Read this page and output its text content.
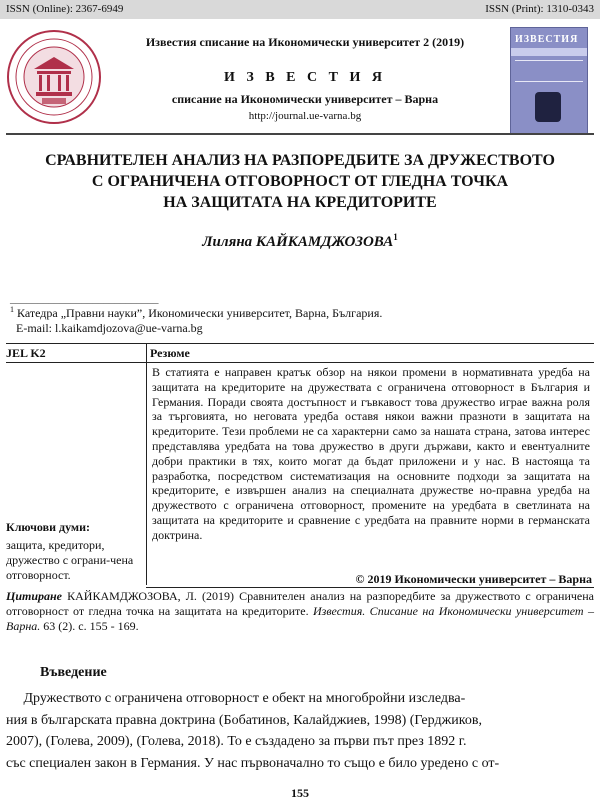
ISSN (Online): 2367-6949	ISSN (Print): 1310-0343
Известия списание на Икономически университет 2 (2019)
И З В Е С Т И Я
списание на Икономически университет – Варна
http://journal.ue-varna.bg
ИЗВЕСТИЯ
СРАВНИТЕЛЕН АНАЛИЗ НА РАЗПОРЕДБИТЕ ЗА ДРУЖЕСТВОТО
С ОГРАНИЧЕНА ОТГОВОРНОСТ ОТ ГЛЕДНА ТОЧКА
НА ЗАЩИТАТА НА КРЕДИТОРИТЕ
Лиляна КАЙКАМДЖОЗОВА$^1$
___________________________
$^1$ Катедра „Правни науки”, Икономически университет, Варна, България.
E-mail: l.kaikamdjozova@ue-varna.bg
JEL K2	Резюме
В статията е направен кратък обзор на някои промени в нормативната уредба на защитата на кредиторите на дружествата с ограничена отговорност в България и Германия. Поради своята достъпност и гъвкавост това дружество играе важна роля за търговията, но неговата уредба оставя някои важни празноти в защитата на кредиторите. Тези проблеми не са характерни само за нашата страна, затова интерес представлява уредбата на това дружество в други държави, както и евентуалните добри практики в тях, които могат да бъдат приложени и у нас. В настояща та разработка, посредством систематизация на основните подходи за защитата на кредиторите, е извършен анализ на специалната дружестве но-правна уредба на дружеството с ограничена отговорност, промените на уредбата в светлината на защитата на кредиторите и сравнение с уредбата на правните норми в германската доктрина.
Ключови думи:
защита, кредитори, дружество с ограни-чена отговорност.	© 2019 Икономически университет – Варна
Цитиране КАЙКАМДЖОЗОВА, Л. (2019) Сравнителен анализ на разпоредбите за дружеството с ограничена отговорност от гледна точка на защитата на кредиторите. Известия. Списание на Икономически университет – Варна. 63 (2). с. 155 - 169.
Въведение
Дружеството с ограничена отговорност е обект на многобройни изследва-
ния в българската правна доктрина (Бобатинов, Калайджиев, 1998) (Герджиков,
2007), (Голева, 2009), (Голева, 2018). То е създадено за първи път през 1892 г.
със специален закон в Германия. У нас първоначално то също е било уредено с от-
155
